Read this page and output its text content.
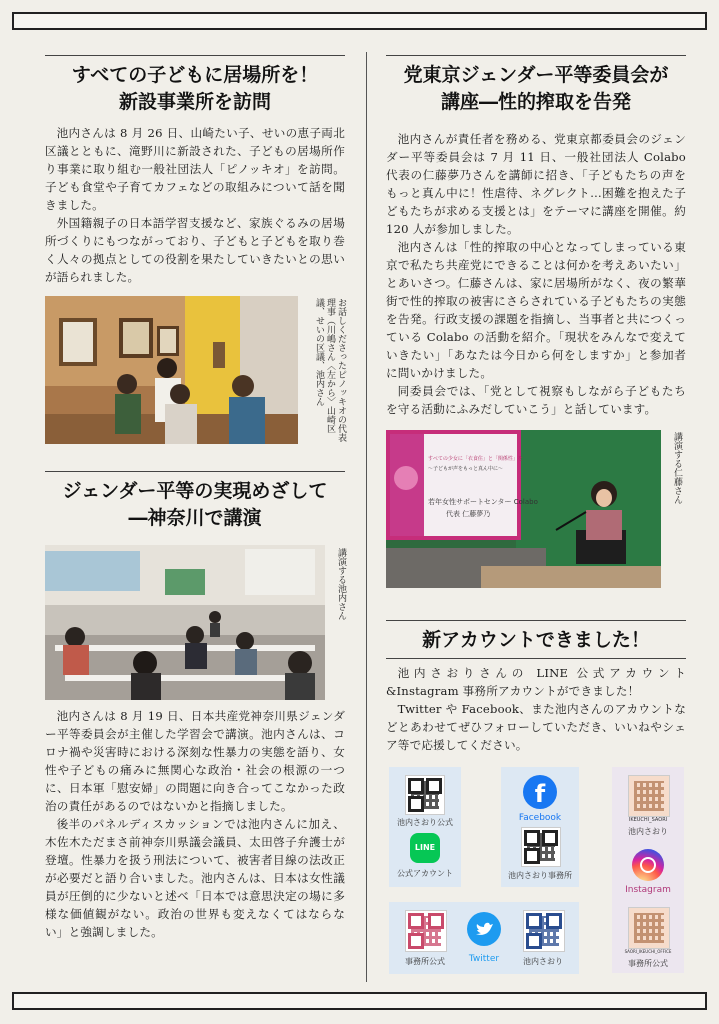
すべての子どもに居場所を！
新設事業所を訪問

池内さんは 8 月 26 日、山崎たい子、せいの恵子両北区議とともに、滝野川に新設された、子どもの居場所作り事業に取り組む一般社団法人「ピノッキオ」を訪問。子ども食堂や子育てカフェなどの取組みについて話を聞きました。

外国籍親子の日本語学習支援など、家族ぐるみの居場所づくりにもつながっており、子どもと子どもを取り巻く人々の拠点としての役割を果たしていきたいとの思いが語られました。

お話しくださったピノッキオの代表理事（川嶋さん〈左から〉山崎区議、せいの区議、池内さん
ジェンダー平等の実現めざして
―神奈川で講演
講演する池内さん

池内さんは 8 月 19 日、日本共産党神奈川県ジェンダー平等委員会が主催した学習会で講演。池内さんは、コロナ禍や災害時における深刻な性暴力の実態を語り、女性や子どもの痛みに無関心な政治・社会の根源の一つに、日本軍「慰安婦」の問題に向き合ってこなかった政治の責任があるのではないかと指摘しました。

後半のパネルディスカッションでは池内さんに加え、木佐木ただまさ前神奈川県議会議員、太田啓子弁護士が登壇。性暴力を扱う刑法について、被害者目線の法改正が必要だと語り合いました。池内さんは、日本は女性議員が圧倒的に少ないと述べ「日本では意思決定の場に多様な価値観がない。政治の世界も変えなくてはならない」と強調しました。

党東京ジェンダー平等委員会が
講座―性的搾取を告発

池内さんが責任者を務める、党東京都委員会のジェンダー平等委員会は 7 月 11 日、一般社団法人 Colabo 代表の仁藤夢乃さんを講師に招き、「子どもたちの声をもっと真ん中に！性虐待、ネグレクト…困難を抱えた子どもたちが求める支援とは」をテーマに講座を開催。約 120 人が参加しました。

池内さんは「性的搾取の中心となってしまっている東京で私たち共産党にできることは何かを考えあいたい」とあいさつ。仁藤さんは、家に居場所がなく、夜の繁華街で性的搾取の被害にさらされている子どもたちの実態を告発。行政支援の課題を指摘し、当事者と共につくっている Colabo の活動を紹介。「現状をみんなで変えていきたい」「あなたは今日から何をしますか」と参加者に問いかけました。

同委員会では、「党として視察もしながら子どもたちを守る活動にふみだしていこう」と話しています。

すべての少女に「衣食住」と「関係性」を
〜子どもが声をもっと真ん中に〜
若年女性サポートセンター Colabo
代表 仁藤夢乃
講演する仁藤さん
新アカウントできました！

池内さおりさんの LINE 公式アカウント&Instagram 事務所アカウントができました！

Twitter や Facebook、また池内さんのアカウントなどとあわせてぜひフォローしていただき、いいねやシェア等で応援してください。

池内さおり公式
LINE
公式アカウント
f
Facebook
池内さおり事務所
IKEUCHI_SAORI
池内さおり
Instagram
SAORI_IKEUCHI_OFFICE
事務所公式
事務所公式	Twitter	池内さおり
